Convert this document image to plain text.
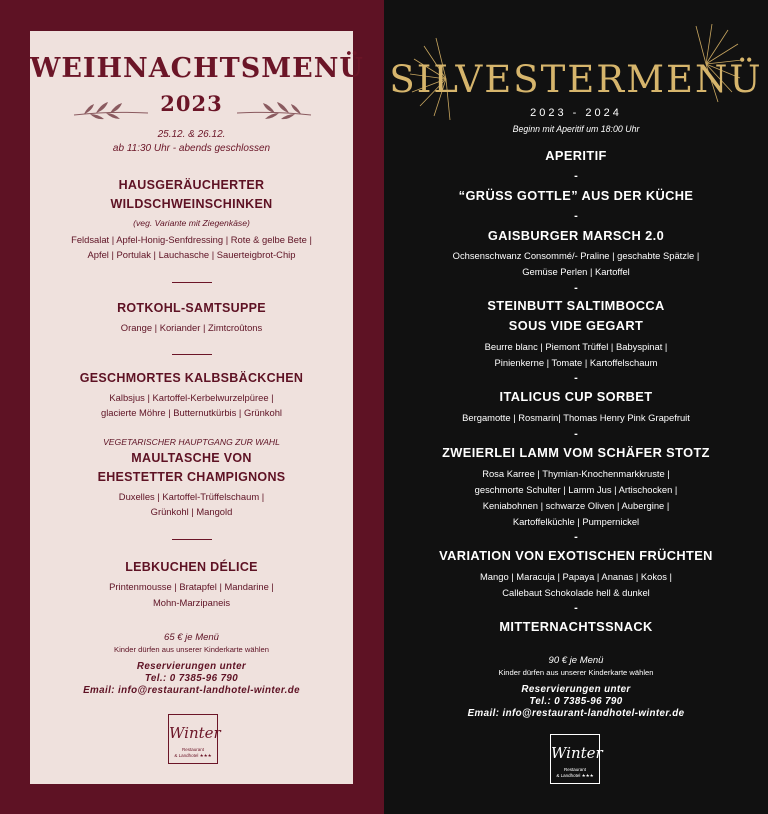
WEIHNACHTSMENÜ
2023
25.12. & 26.12.
ab 11:30 Uhr - abends geschlossen
HAUSGERÄUCHERTER
WILDSCHWEINSCHINKEN
(veg. Variante mit Ziegenkäse)
Feldsalat | Apfel-Honig-Senfdressing | Rote & gelbe Bete |
Apfel | Portulak | Lauchasche | Sauerteigbrot-Chip
ROTKOHL-SAMTSUPPE
Orange | Koriander | Zimtcroûtons
GESCHMORTES KALBSBÄCKCHEN
Kalbsjus | Kartoffel-Kerbelwurzelpüree |
glacierte Möhre | Butternutkürbis | Grünkohl
VEGETARISCHER HAUPTGANG ZUR WAHL
MAULTASCHE VON
EHESTETTER CHAMPIGNONS
Duxelles | Kartoffel-Trüffelschaum |
Grünkohl | Mangold
LEBKUCHEN DÉLICE
Printenmousse | Bratapfel | Mandarine |
Mohn-Marzipaneis
65 € je Menü
Kinder dürfen aus unserer Kinderkarte wählen
Reservierungen unter
Tel.: 0 7385-96 790
Email: info@restaurant-landhotel-winter.de
Winter
Restaurant
& Landhotel ★★★
SILVESTERMENÜ
2023 - 2024
Beginn mit Aperitif um 18:00 Uhr
APERITIF
-
“GRÜSS GOTTLE” AUS DER KÜCHE
-
GAISBURGER MARSCH 2.0
Ochsenschwanz Consommé/- Praline | geschabte Spätzle |
Gemüse Perlen | Kartoffel
-
STEINBUTT SALTIMBOCCA
SOUS VIDE GEGART
Beurre blanc | Piemont Trüffel | Babyspinat |
Pinienkerne | Tomate | Kartoffelschaum
-
ITALICUS CUP SORBET
Bergamotte | Rosmarin| Thomas Henry Pink Grapefruit
-
ZWEIERLEI LAMM VOM SCHÄFER STOTZ
Rosa Karree | Thymian-Knochenmarkkruste |
geschmorte Schulter | Lamm Jus | Artischocken |
Keniabohnen | schwarze Oliven | Aubergine |
Kartoffelküchle | Pumpernickel
-
VARIATION VON EXOTISCHEN FRÜCHTEN
Mango | Maracuja | Papaya | Ananas | Kokos |
Callebaut Schokolade hell & dunkel
-
MITTERNACHTSSNACK
90 € je Menü
Kinder dürfen aus unserer Kinderkarte wählen
Reservierungen unter
Tel.: 0 7385-96 790
Email: info@restaurant-landhotel-winter.de
Winter
Restaurant
& Landhotel ★★★
